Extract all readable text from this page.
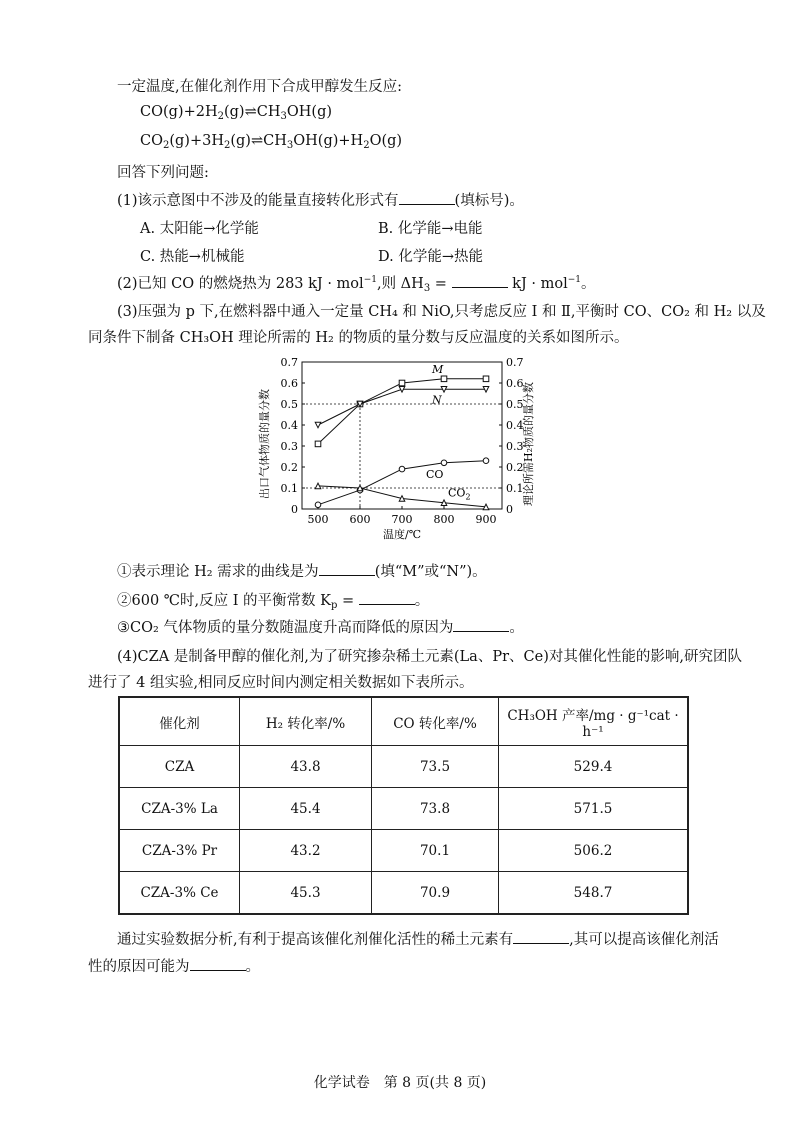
一定温度,在催化剂作用下合成甲醇发生反应:
$CO(g)+2H_2(g)\rightleftharpoons CH_3OH(g)$
$CO_2(g)+3H_2(g)\rightleftharpoons CH_3OH(g)+H_2O(g)$
回答下列问题:
(1)该示意图中不涉及的能量直接转化形式有	(填标号)。
A. 太阳能→化学能	B. 化学能→电能
C. 热能→机械能	D. 化学能→热能
(2)已知 CO 的燃烧热为 283 kJ · mol$^{-1}$,则 $\Delta H_3$ =	kJ · mol$^{-1}$。
(3)压强为 p 下,在燃料器中通入一定量 CH₄ 和 NiO,只考虑反应 Ⅰ 和 Ⅱ,平衡时 CO、CO₂ 和 H₂ 以及
同条件下制备 CH₃OH 理论所需的 H₂ 的物质的量分数与反应温度的关系如图所示。
出口气体物质的量分数	理论所需H₂物质的量分数
0
0.1
0.2
0.3
0.4
0.5
0.6
0.7
0
0.1
0.2
0.3
0.4
0.5
0.6
0.7
500 600 700 800 900
M
N
CO
$CO_2$
温度/℃
①表示理论 H₂ 需求的曲线是为	(填“M”或“N”)。
②600 ℃时,反应 Ⅰ 的平衡常数 $K_p$ =	。
③CO₂ 气体物质的量分数随温度升高而降低的原因为	。
(4)CZA 是制备甲醇的催化剂,为了研究掺杂稀土元素(La、Pr、Ce)对其催化性能的影响,研究团队
进行了 4 组实验,相同反应时间内测定相关数据如下表所示。
催化剂	H₂ 转化率/%	CO 转化率/%	CH₃OH 产率/mg · g⁻¹cat · h⁻¹
CZA	43.8	73.5	529.4
CZA-3% La	45.4	73.8	571.5
CZA-3% Pr	43.2	70.1	506.2
CZA-3% Ce	45.3	70.9	548.7
通过实验数据分析,有利于提高该催化剂催化活性的稀土元素有	,其可以提高该催化剂活
性的原因可能为	。
化学试卷　第 8 页(共 8 页)
